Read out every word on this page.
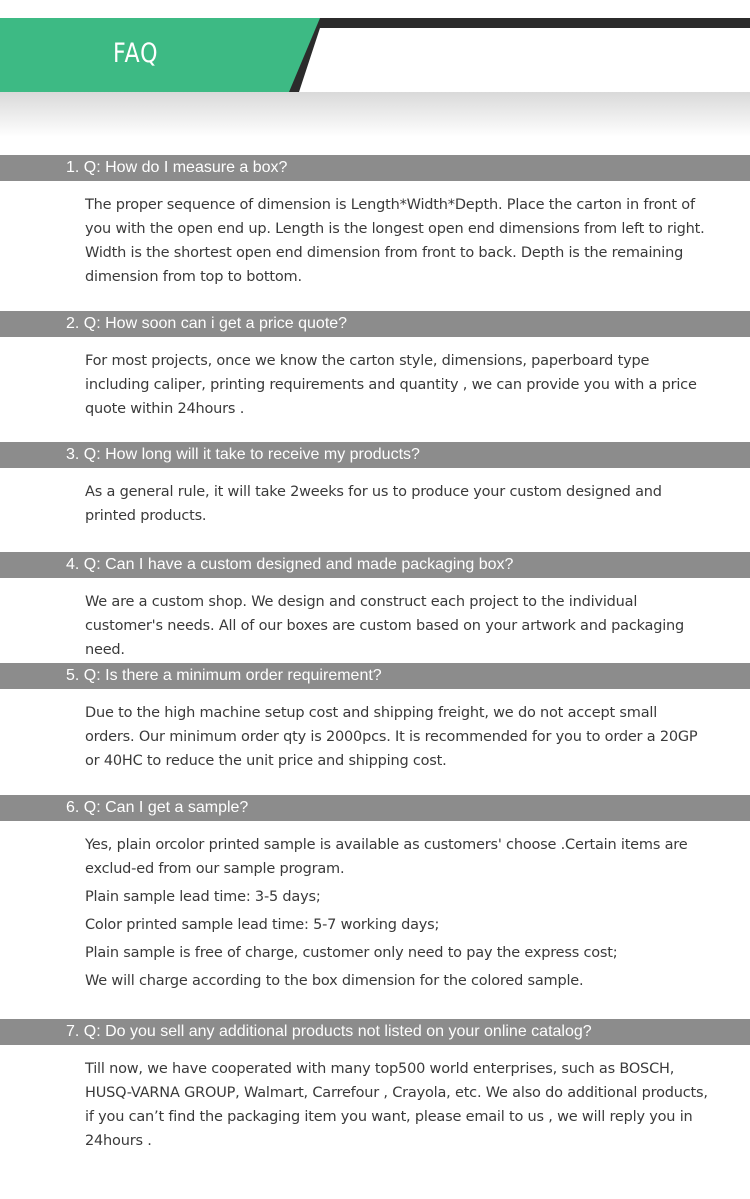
FAQ
1. Q: How do I measure a box?

The proper sequence of dimension is Length*Width*Depth. Place the carton in front of you with the open end up. Length is the longest open end dimensions from left to right. Width is the shortest open end dimension from front to back. Depth is the remaining dimension from top to bottom.

2. Q: How soon can i get a price quote?

For most projects, once we know the carton style, dimensions, paperboard type including caliper, printing requirements and quantity , we can provide you with a price quote within 24hours .

3. Q: How long will it take to receive my products?

As a general rule, it will take 2weeks for us to produce your custom designed and printed products.

4. Q: Can I have a custom designed and made packaging box?

We are a custom shop. We design and construct each project to the individual customer's needs. All of our boxes are custom based on your artwork and packaging need.

5. Q: Is there a minimum order requirement?

Due to the high machine setup cost and shipping freight, we do not accept small orders. Our minimum order qty is 2000pcs. It is recommended for you to order a 20GP or 40HC to reduce the unit price and shipping cost.

6. Q: Can I get a sample?

Yes, plain orcolor printed sample is available as customers' choose .Certain items are exclud-ed from our sample program.

Plain sample lead time: 3-5 days;

Color printed sample lead time: 5-7 working days;

Plain sample is free of charge, customer only need to pay the express cost;

We will charge according to the box dimension for the colored sample.

7. Q: Do you sell any additional products not listed on your online catalog?

Till now, we have cooperated with many top500 world enterprises, such as BOSCH, HUSQ-VARNA GROUP, Walmart, Carrefour , Crayola, etc. We also do additional products, if you can’t find the packaging item you want, please email to us , we will reply you in 24hours .
